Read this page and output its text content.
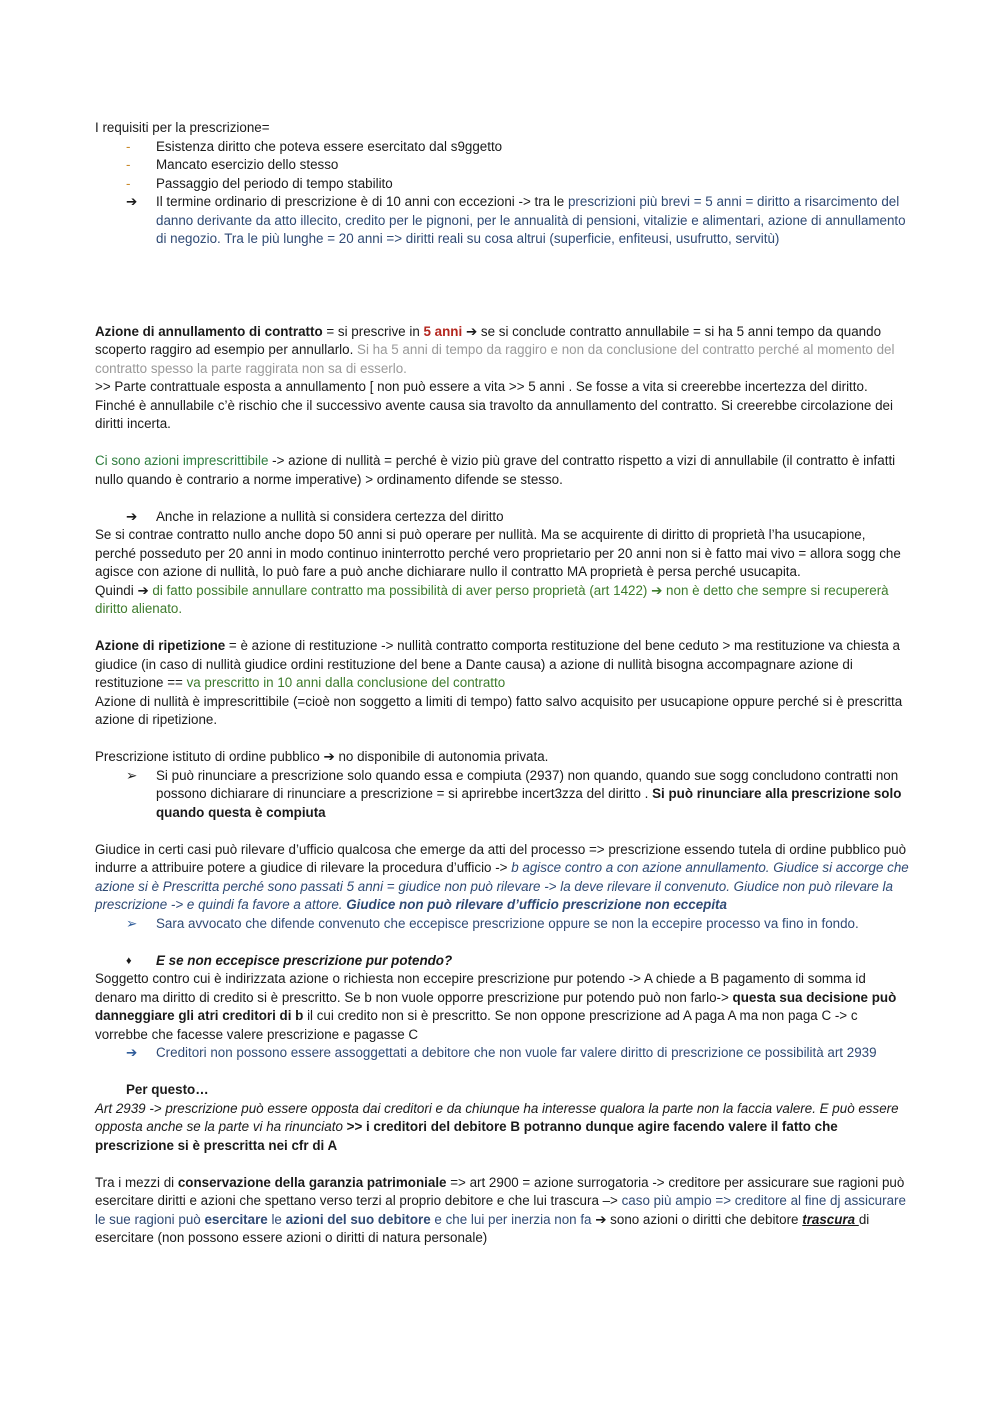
I requisiti per la prescrizione=

-	Esistenza diritto che poteva essere esercitato dal s9ggetto
-	Mancato esercizio dello stesso
-	Passaggio del periodo di tempo stabilito
➔	Il termine ordinario di prescrizione è di 10 anni con eccezioni -> tra le prescrizioni più brevi = 5 anni = diritto a risarcimento del danno derivante da atto illecito, credito per le pignoni, per le annualità di pensioni, vitalizie e alimentari, azione di annullamento di negozio. Tra le più lunghe = 20 anni => diritti reali su cosa altrui (superficie, enfiteusi, usufrutto, servitù)

Azione di annullamento di contratto = si prescrive in 5 anni ➔ se si conclude contratto annullabile = si ha 5 anni tempo da quando scoperto raggiro ad esempio per annullarlo. Si ha 5 anni di tempo da raggiro e non da conclusione del contratto perché al momento del contratto spesso la parte raggirata non sa di esserlo.

>> Parte contrattuale esposta a annullamento [ non può essere a vita >> 5 anni . Se fosse a vita si creerebbe incertezza del diritto. Finché è annullabile c’è rischio che il successivo avente causa sia travolto da annullamento del contratto. Si creerebbe circolazione dei diritti incerta.

Ci sono azioni imprescrittibile -> azione di nullità = perché è vizio più grave del contratto rispetto a vizi di annullabile (il contratto è infatti nullo quando è contrario a norme imperative) > ordinamento difende se stesso.

➔	Anche in relazione a nullità si considera certezza del diritto

Se si contrae contratto nullo anche dopo 50 anni si può operare per nullità. Ma se acquirente di diritto di proprietà l’ha usucapione, perché posseduto per 20 anni in modo continuo ininterrotto perché vero proprietario per 20 anni non si è fatto mai vivo = allora sogg che agisce con azione di nullità, lo può fare a può anche dichiarare nullo il contratto MA proprietà è persa perché usucapita.

Quindi ➔ di fatto possibile annullare contratto ma possibilità di aver perso proprietà (art 1422) ➔ non è detto che sempre si recupererà diritto alienato.

Azione di ripetizione = è azione di restituzione -> nullità contratto comporta restituzione del bene ceduto > ma restituzione va chiesta a giudice (in caso di nullità giudice ordini restituzione del bene a Dante causa) a azione di nullità bisogna accompagnare azione di restituzione == va prescritto in 10 anni dalla conclusione del contratto

Azione di nullità è imprescrittibile (=cioè non soggetto a limiti di tempo) fatto salvo acquisito per usucapione oppure perché si è prescritta azione di ripetizione.

Prescrizione istituto di ordine pubblico ➔ no disponibile di autonomia privata.

➢	Si può rinunciare a prescrizione solo quando essa e compiuta (2937) non quando, quando sue sogg concludono contratti non possono dichiarare di rinunciare a prescrizione = si aprirebbe incert3zza del diritto . Si può rinunciare alla prescrizione solo quando questa è compiuta

Giudice in certi casi può rilevare d’ufficio qualcosa che emerge da atti del processo => prescrizione essendo tutela di ordine pubblico può indurre a attribuire potere a giudice di rilevare la procedura d’ufficio -> b agisce contro a con azione annullamento. Giudice si accorge che azione si è Prescritta perché sono passati 5 anni = giudice non può rilevare -> la deve rilevare il convenuto. Giudice non può rilevare la prescrizione -> e quindi fa favore a attore. Giudice non può rilevare d’ufficio prescrizione non eccepita

➢	Sara avvocato che difende convenuto che eccepisce prescrizione oppure se non la eccepire processo va fino in fondo.
♦	E se non eccepisce prescrizione pur potendo?

Soggetto contro cui è indirizzata azione o richiesta non eccepire prescrizione pur potendo -> A chiede a B pagamento di somma id denaro ma diritto di credito si è prescritto. Se b non vuole opporre prescrizione pur potendo può non farlo-> questa sua decisione può danneggiare gli atri creditori di b il cui credito non si è prescritto. Se non oppone prescrizione ad A paga A ma non paga C -> c vorrebbe che facesse valere prescrizione e pagasse C

➔	Creditori non possono essere assoggettati a debitore che non vuole far valere diritto di prescrizione ce possibilità art 2939

Per questo…

Art 2939 -> prescrizione può essere opposta dai creditori e da chiunque ha interesse qualora la parte non la faccia valere. E può essere opposta anche se la parte vi ha rinunciato >> i creditori del debitore B potranno dunque agire facendo valere il fatto che prescrizione si è prescritta nei cfr di A

Tra i mezzi di conservazione della garanzia patrimoniale => art 2900 = azione surrogatoria -> creditore per assicurare sue ragioni può esercitare diritti e azioni che spettano verso terzi al proprio debitore e che lui trascura –> caso più ampio => creditore al fine dj assicurare le sue ragioni può esercitare le azioni del suo debitore e che lui per inerzia non fa ➔ sono azioni o diritti che debitore trascura di esercitare (non possono essere azioni o diritti di natura personale)
